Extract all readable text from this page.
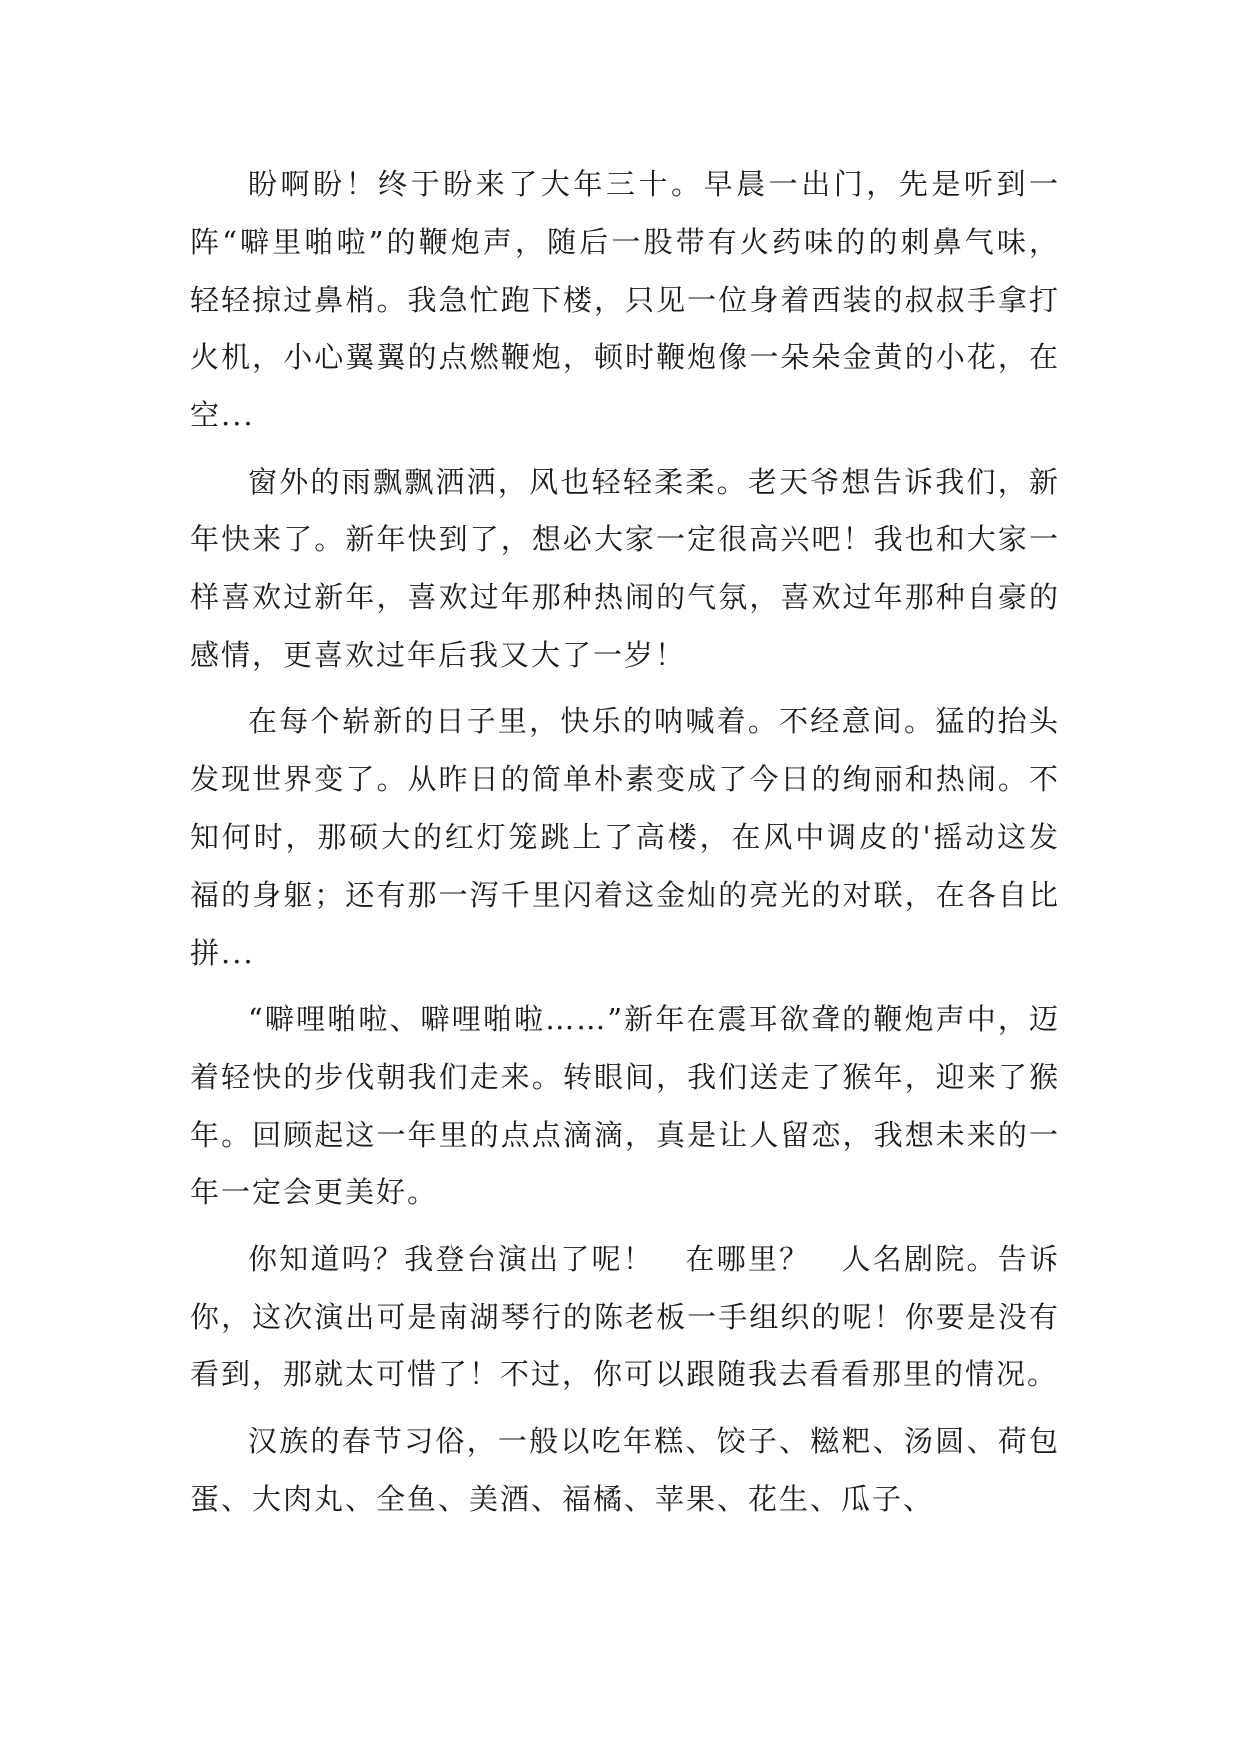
盼啊盼！终于盼来了大年三十。早晨一出门，先是听到一阵“噼里啪啦”的鞭炮声，随后一股带有火药味的的刺鼻气味，轻轻掠过鼻梢。我急忙跑下楼，只见一位身着西装的叔叔手拿打火机，小心翼翼的点燃鞭炮，顿时鞭炮像一朵朵金黄的小花，在空...

窗外的雨飘飘洒洒，风也轻轻柔柔。老天爷想告诉我们，新年快来了。新年快到了，想必大家一定很高兴吧！我也和大家一样喜欢过新年，喜欢过年那种热闹的气氛，喜欢过年那种自豪的感情，更喜欢过年后我又大了一岁！

在每个崭新的日子里，快乐的呐喊着。不经意间。猛的抬头发现世界变了。从昨日的简单朴素变成了今日的绚丽和热闹。不知何时，那硕大的红灯笼跳上了高楼，在风中调皮的'摇动这发福的身躯；还有那一泻千里闪着这金灿的亮光的对联，在各自比拼...

“噼哩啪啦、噼哩啪啦……”新年在震耳欲聋的鞭炮声中，迈着轻快的步伐朝我们走来。转眼间，我们送走了猴年，迎来了猴年。回顾起这一年里的点点滴滴，真是让人留恋，我想未来的一年一定会更美好。

你知道吗？我登台演出了呢！　在哪里？　人名剧院。告诉你，这次演出可是南湖琴行的陈老板一手组织的呢！你要是没有看到，那就太可惜了！不过，你可以跟随我去看看那里的情况。

汉族的春节习俗，一般以吃年糕、饺子、糍粑、汤圆、荷包蛋、大肉丸、全鱼、美酒、福橘、苹果、花生、瓜子、
